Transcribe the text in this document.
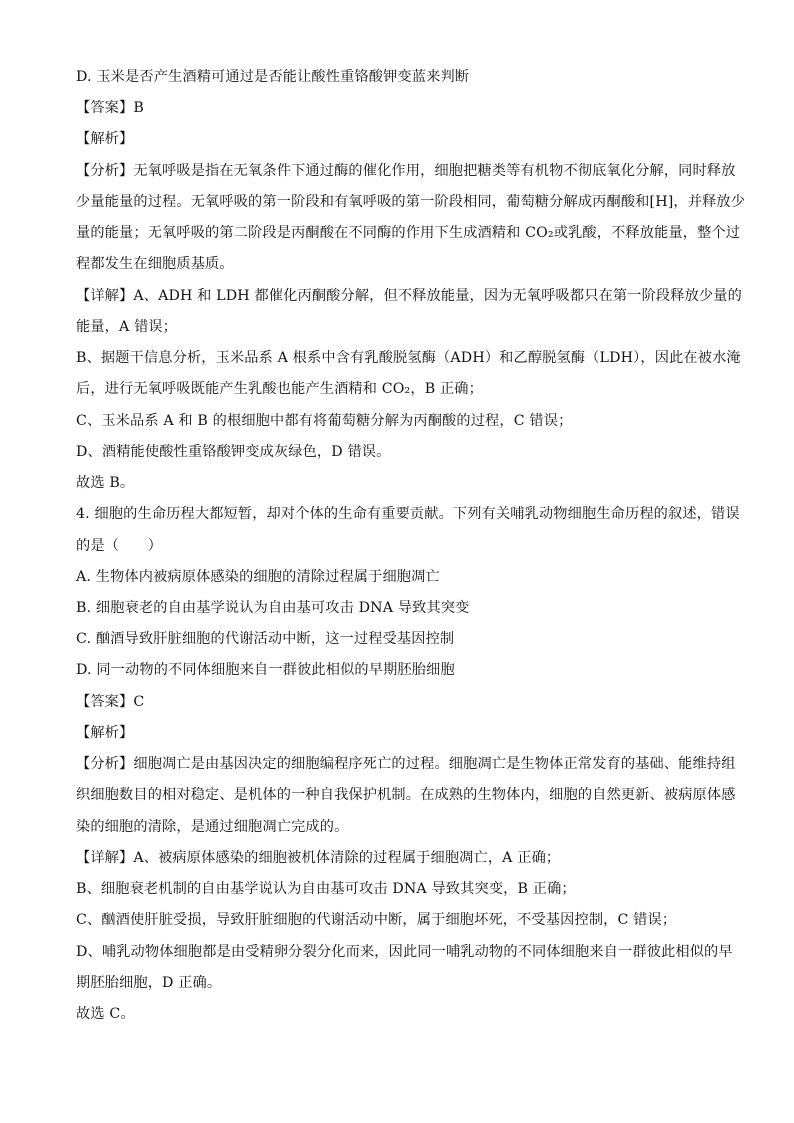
D. 玉米是否产生酒精可通过是否能让酸性重铬酸钾变蓝来判断
【答案】B
【解析】
【分析】无氧呼吸是指在无氧条件下通过酶的催化作用，细胞把糖类等有机物不彻底氧化分解，同时释放
少量能量的过程。无氧呼吸的第一阶段和有氧呼吸的第一阶段相同，葡萄糖分解成丙酮酸和[H]，并释放少
量的能量；无氧呼吸的第二阶段是丙酮酸在不同酶的作用下生成酒精和 CO₂或乳酸，不释放能量，整个过
程都发生在细胞质基质。
【详解】A、ADH 和 LDH 都催化丙酮酸分解，但不释放能量，因为无氧呼吸都只在第一阶段释放少量的
能量，A 错误；
B、据题干信息分析，玉米品系 A 根系中含有乳酸脱氢酶（ADH）和乙醇脱氢酶（LDH），因此在被水淹
后，进行无氧呼吸既能产生乳酸也能产生酒精和 CO₂，B 正确；
C、玉米品系 A 和 B 的根细胞中都有将葡萄糖分解为丙酮酸的过程，C 错误；
D、酒精能使酸性重铬酸钾变成灰绿色，D 错误。
故选 B。
4. 细胞的生命历程大都短暂，却对个体的生命有重要贡献。下列有关哺乳动物细胞生命历程的叙述，错误
的是（　　）
A. 生物体内被病原体感染的细胞的清除过程属于细胞凋亡
B. 细胞衰老的自由基学说认为自由基可攻击 DNA 导致其突变
C. 酗酒导致肝脏细胞的代谢活动中断，这一过程受基因控制
D. 同一动物的不同体细胞来自一群彼此相似的早期胚胎细胞
【答案】C
【解析】
【分析】细胞凋亡是由基因决定的细胞编程序死亡的过程。细胞凋亡是生物体正常发育的基础、能维持组
织细胞数目的相对稳定、是机体的一种自我保护机制。在成熟的生物体内，细胞的自然更新、被病原体感
染的细胞的清除，是通过细胞凋亡完成的。
【详解】A、被病原体感染的细胞被机体清除的过程属于细胞凋亡，A 正确；
B、细胞衰老机制的自由基学说认为自由基可攻击 DNA 导致其突变，B 正确；
C、酗酒使肝脏受损，导致肝脏细胞的代谢活动中断，属于细胞坏死，不受基因控制，C 错误；
D、哺乳动物体细胞都是由受精卵分裂分化而来，因此同一哺乳动物的不同体细胞来自一群彼此相似的早
期胚胎细胞，D 正确。
故选 C。
